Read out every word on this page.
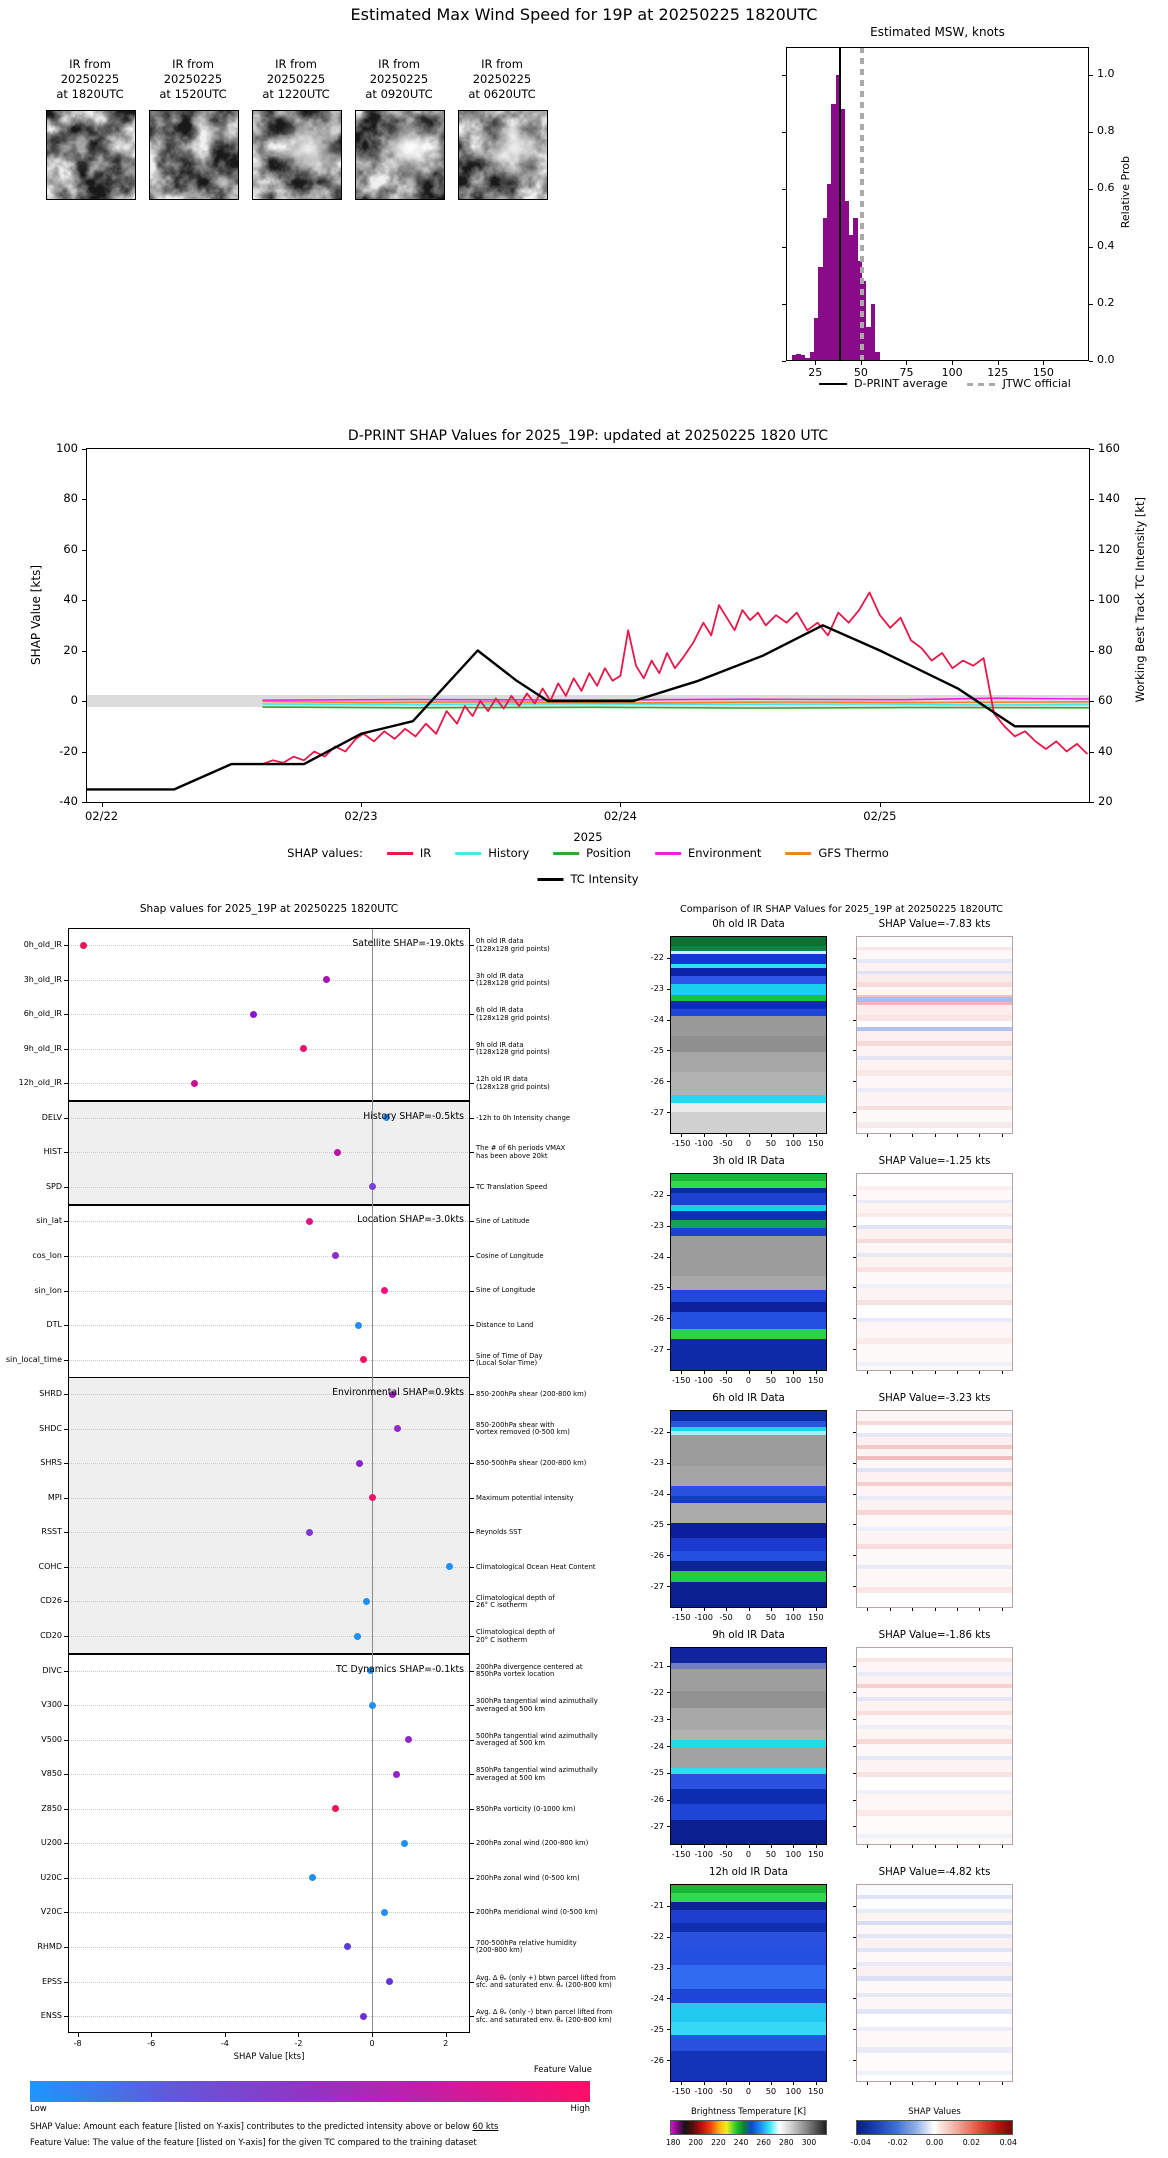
Estimated Max Wind Speed for 19P at 20250225 1820UTC
IR from
20250225
at 1820UTC
IR from
20250225
at 1520UTC
IR from
20250225
at 1220UTC
IR from
20250225
at 0920UTC
IR from
20250225
at 0620UTC
Estimated MSW, knots
25	50	75	100 125 150
1.0
0.8
0.6
0.4
0.2
0.0
Relative Prob
D-PRINT average	JTWC official
D-PRINT SHAP Values for 2025_19P: updated at 20250225 1820 UTC
100	160
80	140
60	120
40	100
20	80
0	60
-20	40
-40	20
02/22	02/23	02/24	02/25
2025
SHAP Value [kts]	Working Best Track TC Intensity [kt]
SHAP values:	IR	History	Position	Environment	GFS Thermo
TC Intensity
Shap values for 2025_19P at 20250225 1820UTC
0h_old_IR	0h old IR data
(128x128 grid points)
3h_old_IR	3h old IR data
(128x128 grid points)
6h_old_IR	6h old IR data
(128x128 grid points)
9h_old_IR	9h old IR data
(128x128 grid points)
12h_old_IR	12h old IR data
(128x128 grid points)
DELV	-12h to 0h Intensity change
HIST	The # of 6h periods VMAX
has been above 20kt
SPD	TC Translation Speed
sin_lat	Sine of Latitude
cos_lon	Cosine of Longitude
sin_lon	Sine of Longitude
DTL	Distance to Land
sin_local_time	Sine of Time of Day
(Local Solar Time)
SHRD	850-200hPa shear (200-800 km)
SHDC	850-200hPa shear with
vortex removed (0-500 km)
SHRS	850-500hPa shear (200-800 km)
MPI	Maximum potential intensity
RSST	Reynolds SST
COHC	Climatological Ocean Heat Content
CD26	Climatological depth of
26° C isotherm
CD20	Climatological depth of
20° C isotherm
DIVC	200hPa divergence centered at
850hPa vortex location
V300	300hPa tangential wind azimuthally
averaged at 500 km
V500	500hPa tangential wind azimuthally
averaged at 500 km
V850	850hPa tangential wind azimuthally
averaged at 500 km
Z850	850hPa vorticity (0-1000 km)
U200	200hPa zonal wind (200-800 km)
U20C	200hPa zonal wind (0-500 km)
V20C	200hPa meridional wind (0-500 km)
RHMD	700-500hPa relative humidity
(200-800 km)
EPSS	Avg. Δ θₑ (only +) btwn parcel lifted from
sfc. and saturated env. θₑ (200-800 km)
ENSS	Avg. Δ θₑ (only -) btwn parcel lifted from
sfc. and saturated env. θₑ (200-800 km)
Satellite SHAP=-19.0kts
History SHAP=-0.5kts
Location SHAP=-3.0kts
Environmental SHAP=0.9kts
TC Dynamics SHAP=-0.1kts
-8	-6	-4	-2	0	2
SHAP Value [kts]
Feature Value
Low	High
SHAP Value: Amount each feature [listed on Y-axis] contributes to the predicted intensity above or below 60 kts
Feature Value: The value of the feature [listed on Y-axis] for the given TC compared to the training dataset
Comparison of IR SHAP Values for 2025_19P at 20250225 1820UTC
0h old IR Data	SHAP Value=-7.83 kts
-22
-23
-24
-25
-26
-27
-150 -100 -50 0 50 100 150
3h old IR Data	SHAP Value=-1.25 kts
-22
-23
-24
-25
-26
-27
-150 -100 -50 0 50 100 150
6h old IR Data	SHAP Value=-3.23 kts
-22
-23
-24
-25
-26
-27
-150 -100 -50 0 50 100 150
9h old IR Data	SHAP Value=-1.86 kts
-21
-22
-23
-24
-25
-26
-27
-150 -100 -50 0 50 100 150
12h old IR Data	SHAP Value=-4.82 kts
-21
-22
-23
-24
-25
-26
-150 -100 -50 0 50 100 150
Brightness Temperature [K]
180 200 220 240 260 280 300
SHAP Values
-0.04 -0.02 0.00	0.02	0.04
